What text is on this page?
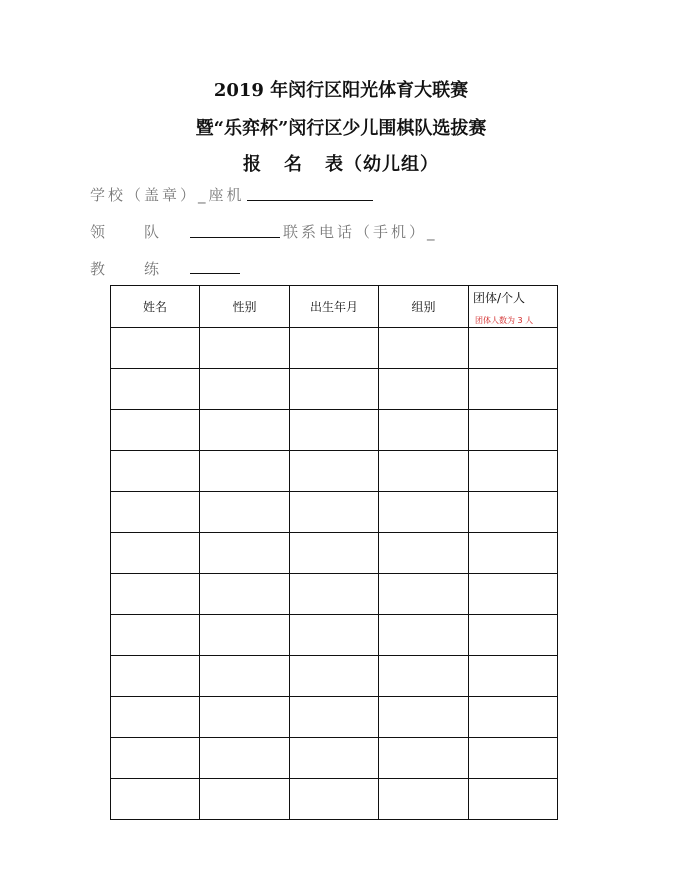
2019 年闵行区阳光体育大联赛
暨“乐弈杯”闵行区少儿围棋队选拔赛
报 名 表（幼儿组）
学校（盖章）_座机
领　　队	联系电话（手机）_
教　　练
姓名	性别	出生年月	组别	团体/个人
团体人数为 3 人
